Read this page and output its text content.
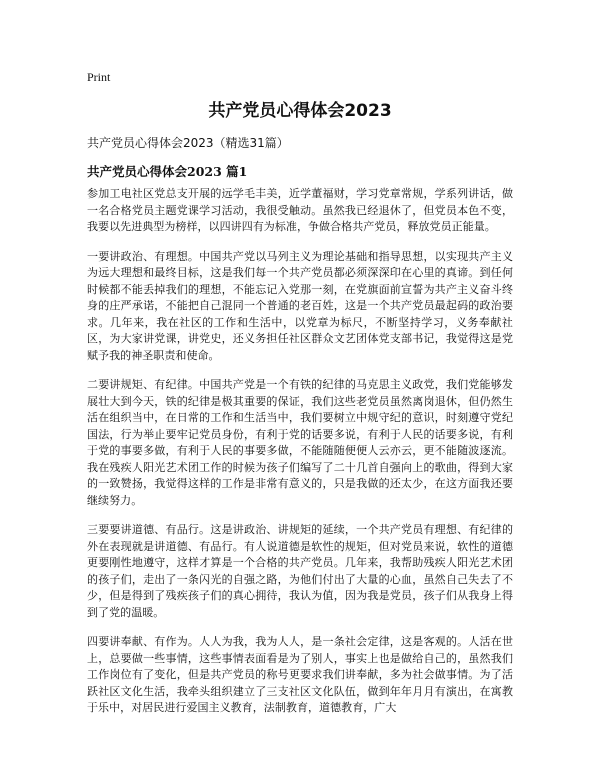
Print
共产党员心得体会2023

共产党员心得体会2023（精选31篇）

共产党员心得体会2023 篇1

参加工电社区党总支开展的远学毛丰美，近学董福财，学习党章常规，学系列讲话，做一名合格党员主题党课学习活动，我很受触动。虽然我已经退休了，但党员本色不变，我要以先进典型为榜样，以四讲四有为标准，争做合格共产党员，释放党员正能量。

一要讲政治、有理想。中国共产党以马列主义为理论基础和指导思想，以实现共产主义为远大理想和最终目标，这是我们每一个共产党员都必须深深印在心里的真谛。到任何时候都不能丢掉我们的理想，不能忘记入党那一刻，在党旗面前宣誓为共产主义奋斗终身的庄严承诺，不能把自己混同一个普通的老百姓，这是一个共产党员最起码的政治要求。几年来，我在社区的工作和生活中，以党章为标尺，不断坚持学习，义务奉献社区，为大家讲党课，讲党史，还义务担任社区群众文艺团体党支部书记，我觉得这是党赋予我的神圣职责和使命。

二要讲规矩、有纪律。中国共产党是一个有铁的纪律的马克思主义政党，我们党能够发展壮大到今天，铁的纪律是极其重要的保证，我们这些老党员虽然离岗退休，但仍然生活在组织当中，在日常的工作和生活当中，我们要树立中规守纪的意识，时刻遵守党纪国法，行为举止要牢记党员身份，有利于党的话要多说，有利于人民的话要多说，有利于党的事要多做，有利于人民的事要多做，不能随随便便人云亦云，更不能随波逐流。我在残疾人阳光艺术团工作的时候为孩子们编写了二十几首自强向上的歌曲，得到大家的一致赞扬，我觉得这样的工作是非常有意义的，只是我做的还太少，在这方面我还要继续努力。

三要要讲道德、有品行。这是讲政治、讲规矩的延续，一个共产党员有理想、有纪律的外在表现就是讲道德、有品行。有人说道德是软性的规矩，但对党员来说，软性的道德更要刚性地遵守，这样才算是一个合格的共产党员。几年来，我帮助残疾人阳光艺术团的孩子们，走出了一条闪光的自强之路，为他们付出了大量的心血，虽然自己失去了不少，但是得到了残疾孩子们的真心拥待，我认为值，因为我是党员，孩子们从我身上得到了党的温暖。

四要讲奉献、有作为。人人为我，我为人人，是一条社会定律，这是客观的。人活在世上，总要做一些事情，这些事情表面看是为了别人，事实上也是做给自己的，虽然我们工作岗位有了变化，但是共产党员的称号更要求我们讲奉献，多为社会做事情。为了活跃社区文化生活，我牵头组织建立了三支社区文化队伍，做到年年月月有演出，在寓教于乐中，对居民进行爱国主义教育，法制教育，道德教育，广大
